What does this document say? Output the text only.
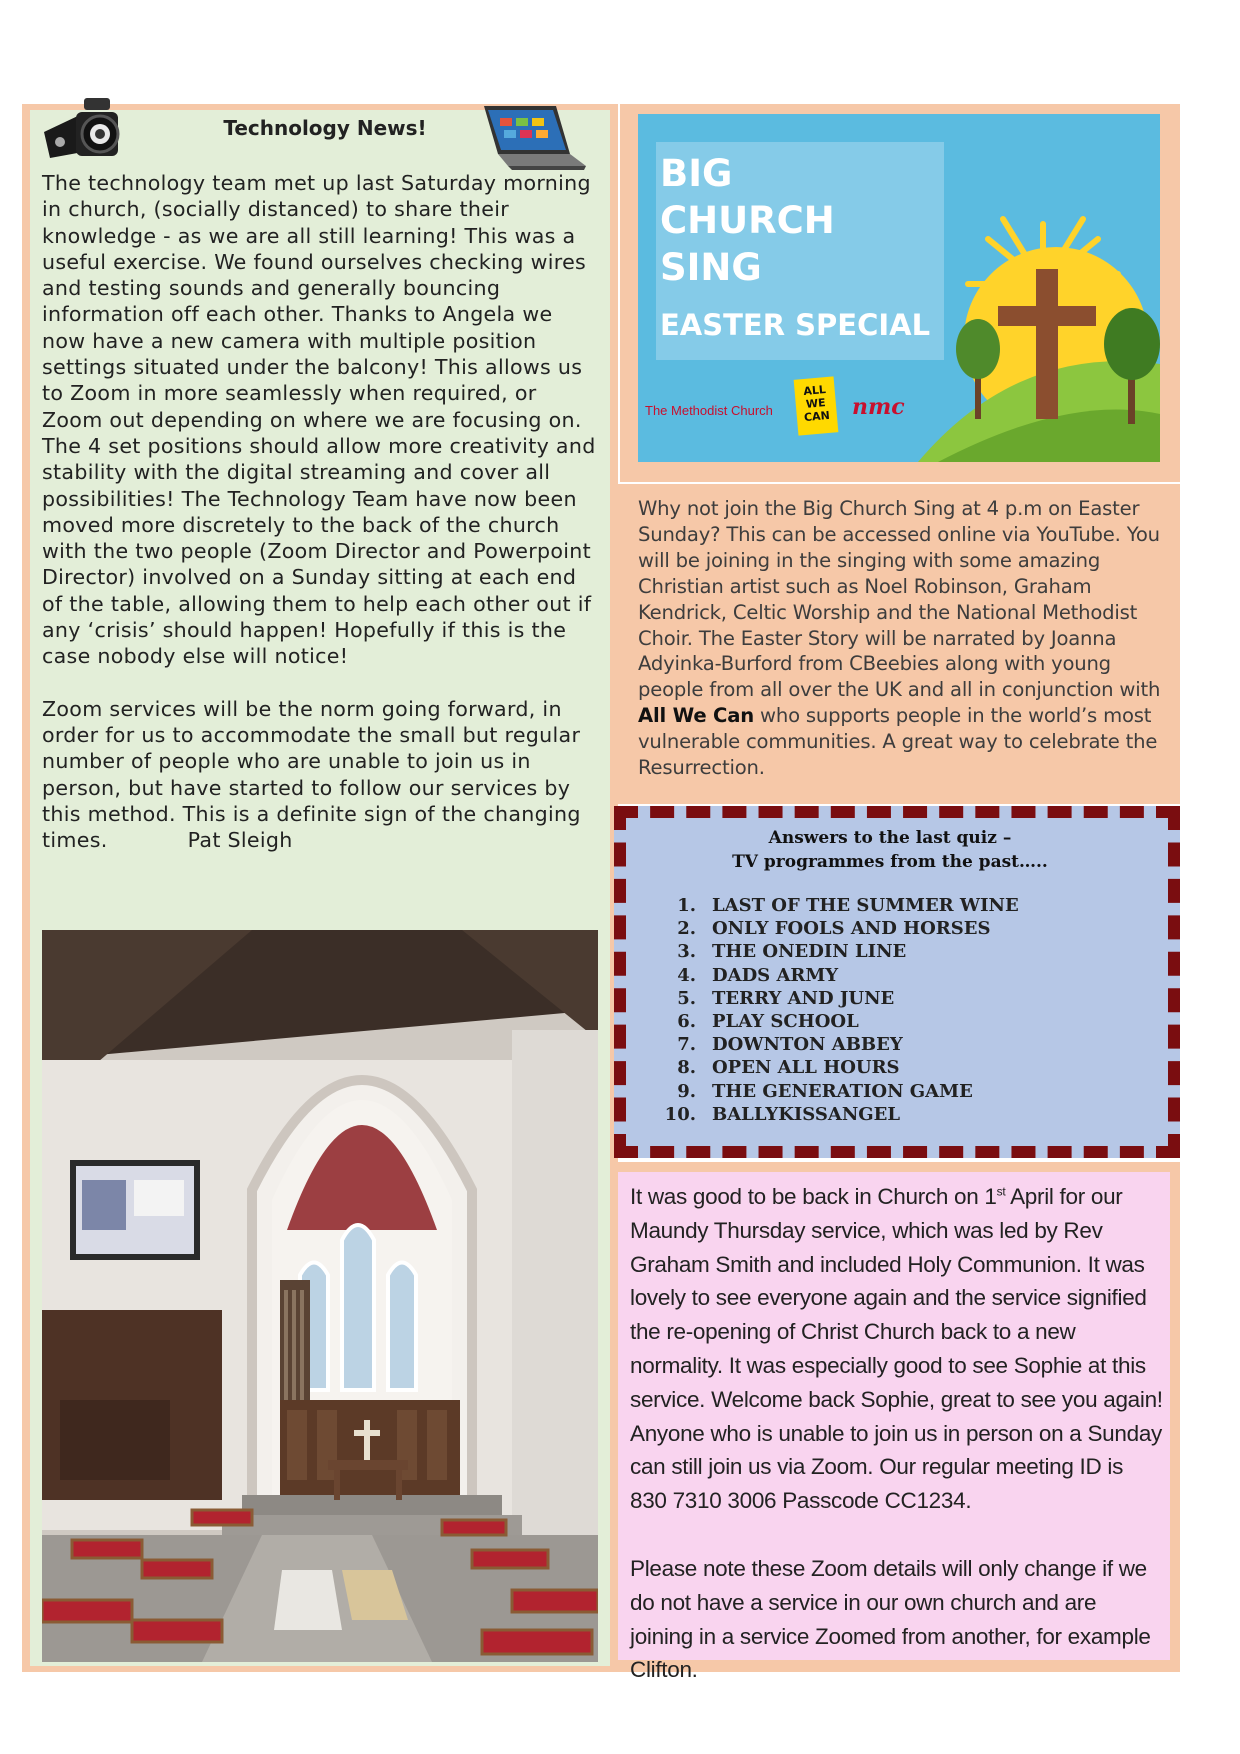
Technology News!

The technology team met up last Saturday morning in church, (socially distanced) to share their knowledge - as we are all still learning! This was a useful exercise. We found ourselves checking wires and testing sounds and generally bouncing information off each other. Thanks to Angela we now have a new camera with multiple position settings situated under the balcony! This allows us to Zoom in more seamlessly when required, or Zoom out depending on where we are focusing on. The 4 set positions should allow more creativity and stability with the digital streaming and cover all possibilities! The Technology Team have now been moved more discretely to the back of the church with the two people (Zoom Director and Powerpoint Director) involved on a Sunday sitting at each end of the table, allowing them to help each other out if any ‘crisis’ should happen! Hopefully if this is the case nobody else will notice!

Zoom services will be the norm going forward, in order for us to accommodate the small but regular number of people who are unable to join us in person, but have started to follow our services by this method. This is a definite sign of the changing times.	Pat Sleigh

BIG
CHURCH
SING
EASTER SPECIAL
The Methodist Church
ALL
WE
CAN nmc
Why not join the Big Church Sing at 4 p.m on Easter Sunday? This can be accessed online via YouTube. You will be joining in the singing with some amazing Christian artist such as Noel Robinson, Graham Kendrick, Celtic Worship and the National Methodist Choir. The Easter Story will be narrated by Joanna Adyinka-Burford from CBeebies along with young people from all over the UK and all in conjunction with All We Can who supports people in the world’s most vulnerable communities. A great way to celebrate the Resurrection.
Answers to the last quiz –
TV programmes from the past…..
1. LAST OF THE SUMMER WINE
2. ONLY FOOLS AND HORSES
3. THE ONEDIN LINE
4. DADS ARMY
5. TERRY AND JUNE
6. PLAY SCHOOL
7. DOWNTON ABBEY
8. OPEN ALL HOURS
9. THE GENERATION GAME
10. BALLYKISSANGEL

It was good to be back in Church on 1st April for our Maundy Thursday service, which was led by Rev Graham Smith and included Holy Communion. It was lovely to see everyone again and the service signified the re-opening of Christ Church back to a new normality. It was especially good to see Sophie at this service. Welcome back Sophie, great to see you again! Anyone who is unable to join us in person on a Sunday can still join us via Zoom. Our regular meeting ID is 830 7310 3006 Passcode CC1234.

Please note these Zoom details will only change if we do not have a service in our own church and are joining in a service Zoomed from another, for example Clifton.
